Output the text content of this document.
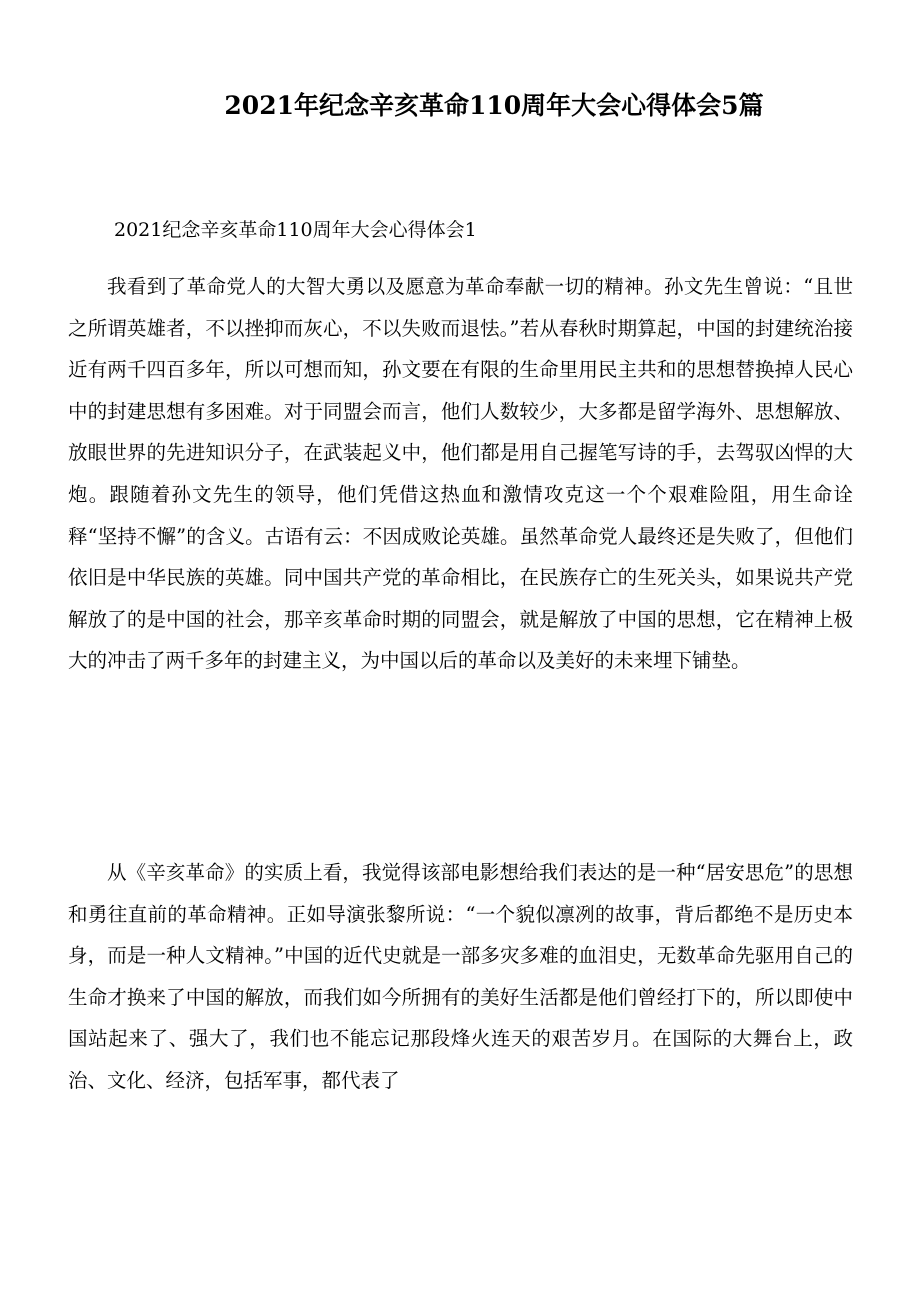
2021年纪念辛亥革命110周年大会心得体会5篇

2021纪念辛亥革命110周年大会心得体会1

我看到了革命党人的大智大勇以及愿意为革命奉献一切的精神。孙文先生曾说：“且世之所谓英雄者，不以挫抑而灰心，不以失败而退怯。”若从春秋时期算起，中国的封建统治接近有两千四百多年，所以可想而知，孙文要在有限的生命里用民主共和的思想替换掉人民心中的封建思想有多困难。对于同盟会而言，他们人数较少，大多都是留学海外、思想解放、放眼世界的先进知识分子，在武装起义中，他们都是用自己握笔写诗的手，去驾驭凶悍的大炮。跟随着孙文先生的领导，他们凭借这热血和激情攻克这一个个艰难险阻，用生命诠释“坚持不懈”的含义。古语有云：不因成败论英雄。虽然革命党人最终还是失败了，但他们依旧是中华民族的英雄。同中国共产党的革命相比，在民族存亡的生死关头，如果说共产党解放了的是中国的社会，那辛亥革命时期的同盟会，就是解放了中国的思想，它在精神上极大的冲击了两千多年的封建主义，为中国以后的革命以及美好的未来埋下铺垫。

从《辛亥革命》的实质上看，我觉得该部电影想给我们表达的是一种“居安思危”的思想和勇往直前的革命精神。正如导演张黎所说：“一个貌似凛冽的故事，背后都绝不是历史本身，而是一种人文精神。”中国的近代史就是一部多灾多难的血泪史，无数革命先驱用自己的生命才换来了中国的解放，而我们如今所拥有的美好生活都是他们曾经打下的，所以即使中国站起来了、强大了，我们也不能忘记那段烽火连天的艰苦岁月。在国际的大舞台上，政治、文化、经济，包括军事，都代表了
